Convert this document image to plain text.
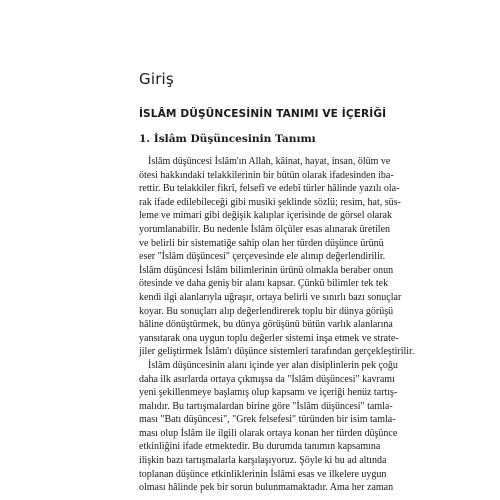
Giriş
İSLÂM DÜŞÜNCESİNİN TANIMI VE İÇERİĞİ
1. İslâm Düşüncesinin Tanımı
İslâm düşüncesi İslâm'ın Allah, kâinat, hayat, insan, ölüm ve
ötesi hakkındaki telakkilerinin bir bütün olarak ifadesinden iba-
rettir. Bu telakkiler fikrî, felsefî ve edebî türler hâlinde yazılı ola-
rak ifade edilebileceği gibi musiki şeklinde sözlü; resim, hat, süs-
leme ve mimari gibi değişik kalıplar içerisinde de görsel olarak
yorumlanabilir. Bu nedenle İslâm ölçüler esas alınarak üretilen
ve belirli bir sistematiğe sahip olan her türden düşünce ürünü
eser "İslâm düşüncesi" çerçevesinde ele alınıp değerlendirilir.
İslâm düşüncesi İslâm bilimlerinin ürünü olmakla beraber onun
ötesinde ve daha geniş bir alanı kapsar. Çünkü bilimler tek tek
kendi ilgi alanlarıyla uğraşır, ortaya belirli ve sınırlı bazı sonuçlar
koyar. Bu sonuçları alıp değerlendirerek toplu bir dünya görüşü
hâline dönüştürmek, bu dünya görüşünü bütün varlık alanlarına
yansıtarak ona uygun toplu değerler sistemi inşa etmek ve strate-
jiler geliştirmek İslâm'ı düşünce sistemleri tarafından gerçekleştirilir.
İslâm düşüncesinin alanı içinde yer alan disiplinlerin pek çoğu
daha ilk asırlarda ortaya çıkmışsa da "İslâm düşüncesi" kavramı
yeni şekillenmeye başlamış olup kapsamı ve içeriği henüz tartış-
malıdır. Bu tartışmalardan birine göre "İslâm düşüncesi" tamla-
ması "Batı düşüncesi", "Grek felsefesi" türünden bir isim tamla-
ması olup İslâm ile ilgili olarak ortaya konan her türden düşünce
etkinliğini ifade etmektedir. Bu durumda tanımın kapsamına
ilişkin bazı tartışmalarla karşılaşıyoruz. Şöyle ki bu ad altında
toplanan düşünce etkinliklerinin İslâmi esas ve ilkelere uygun
olması hâlinde pek bir sorun bulunmamaktadır. Ama her zaman
